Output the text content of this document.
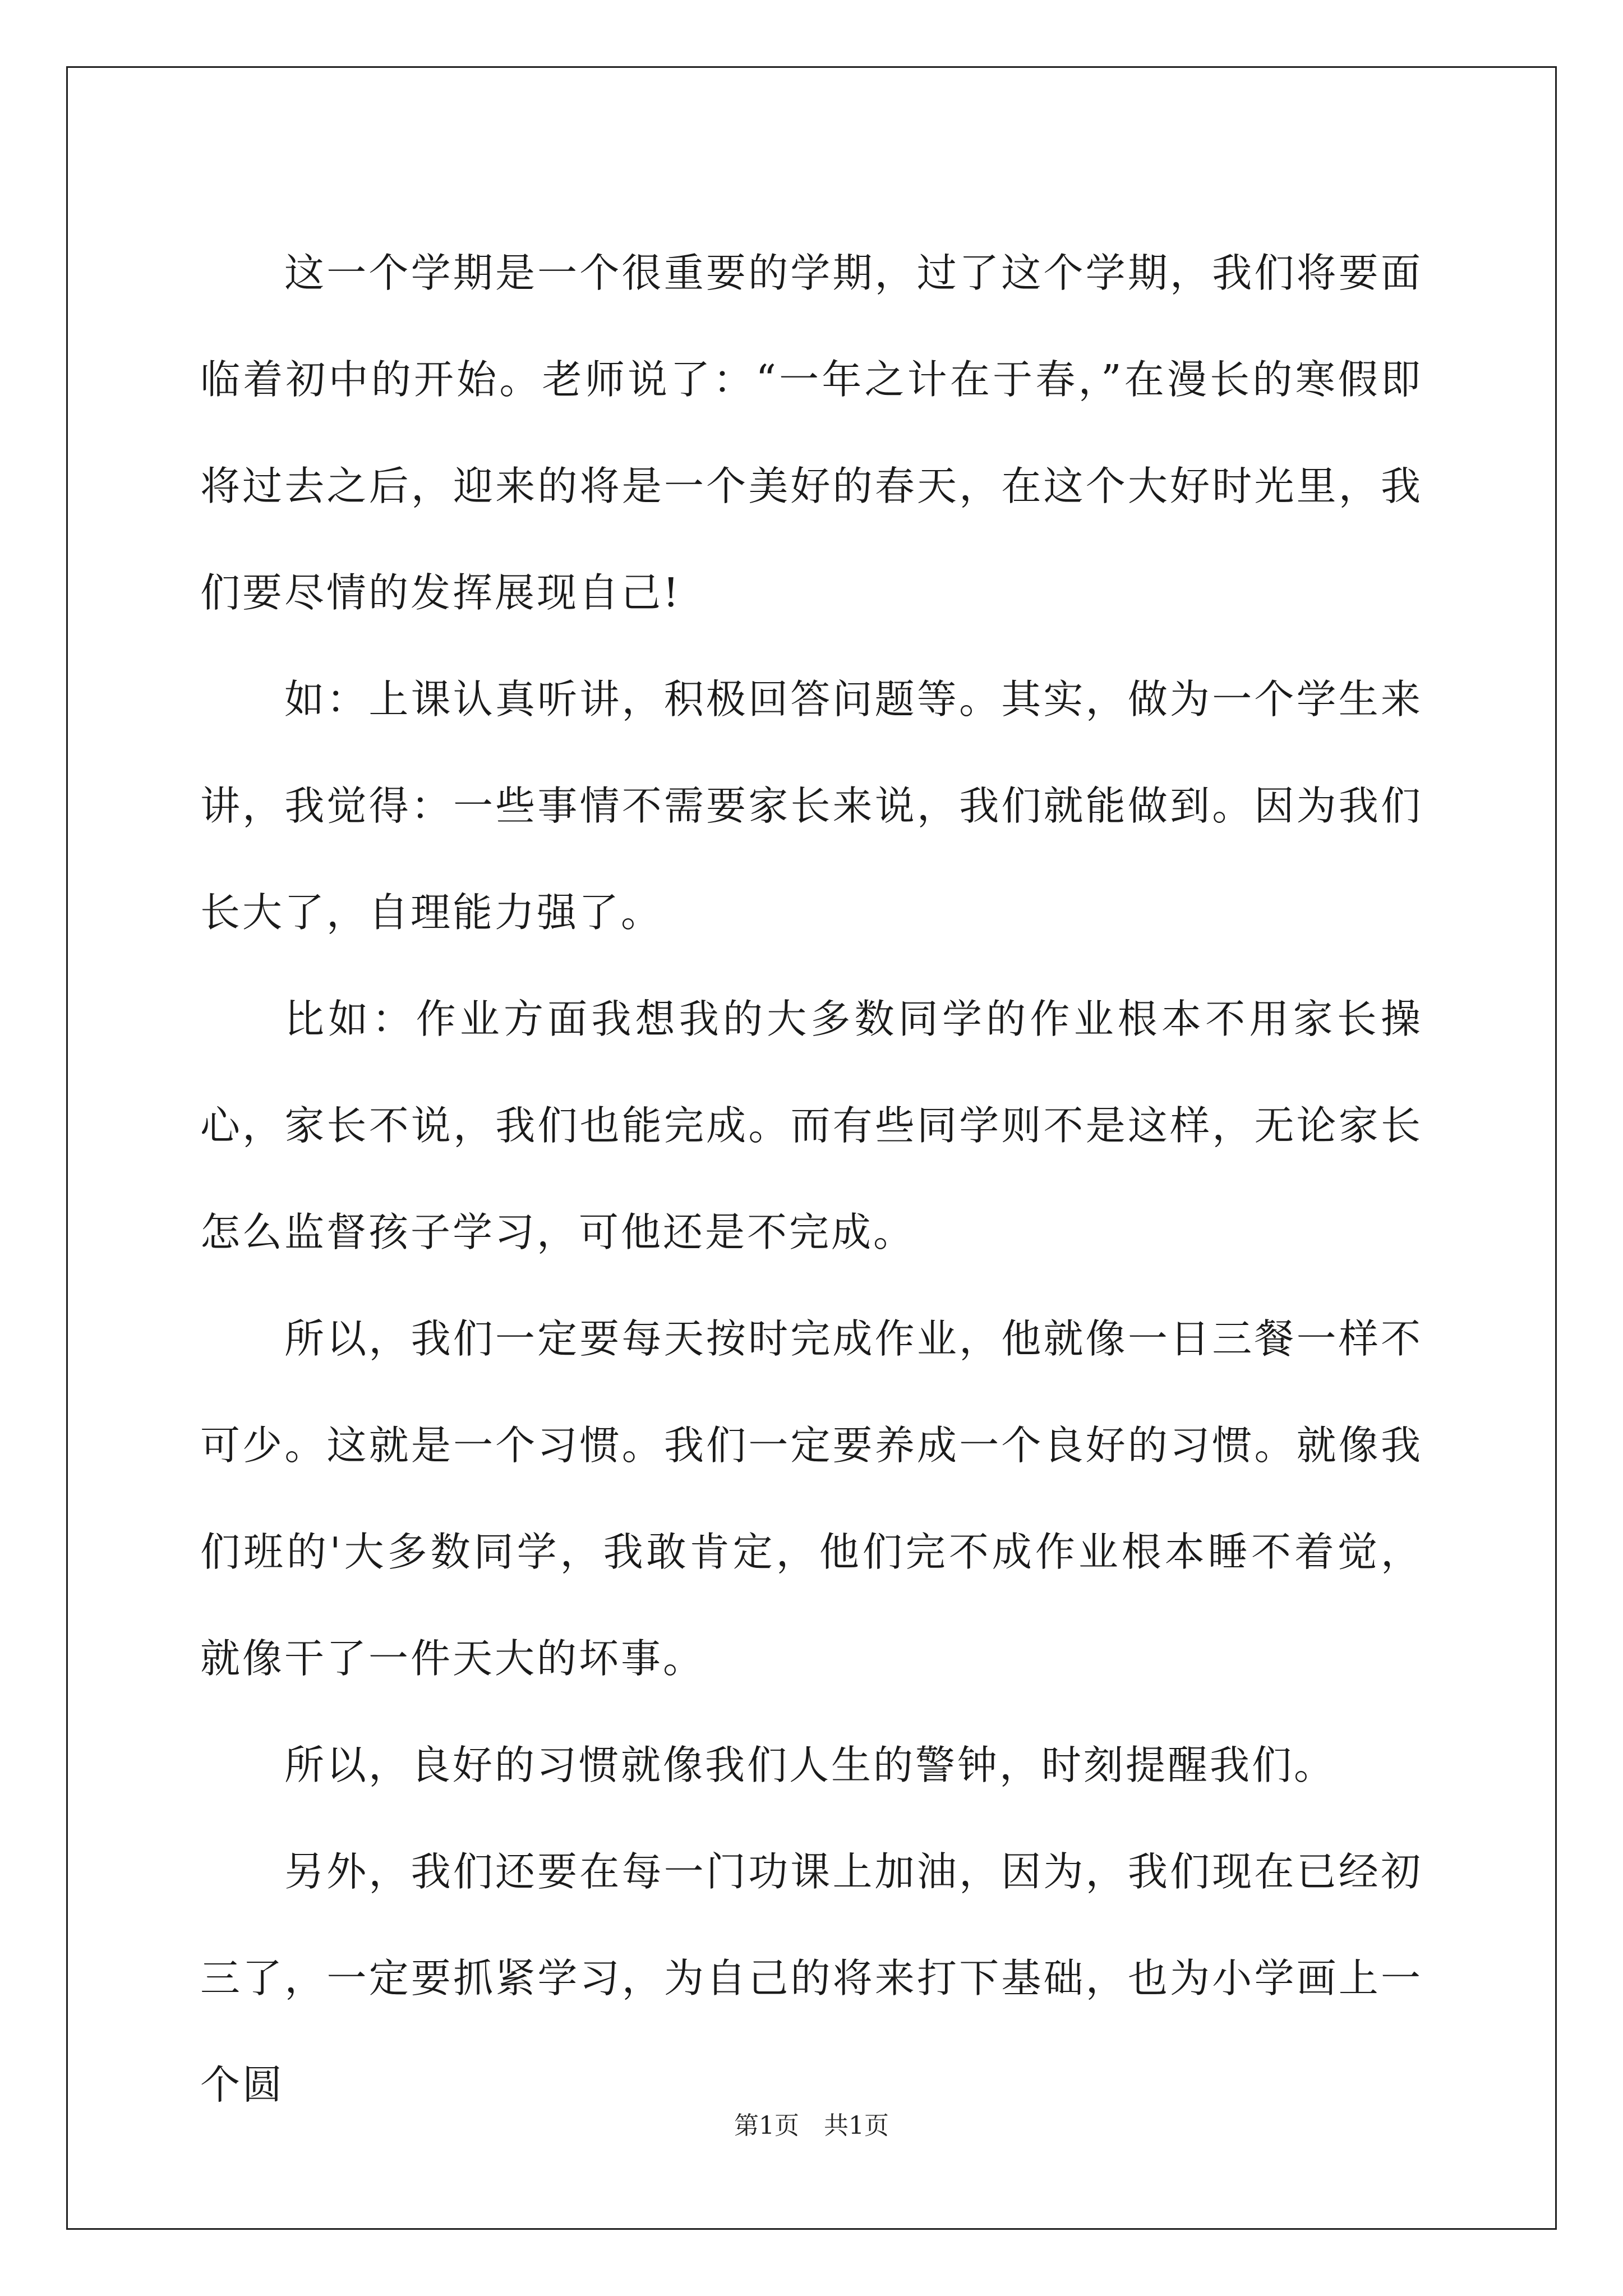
这一个学期是一个很重要的学期，过了这个学期，我们将要面临着初中的开始。老师说了：“一年之计在于春，”在漫长的寒假即将过去之后，迎来的将是一个美好的春天，在这个大好时光里，我们要尽情的发挥展现自己!

如：上课认真听讲，积极回答问题等。其实，做为一个学生来讲，我觉得：一些事情不需要家长来说，我们就能做到。因为我们长大了，自理能力强了。

比如：作业方面我想我的大多数同学的作业根本不用家长操心，家长不说，我们也能完成。而有些同学则不是这样，无论家长怎么监督孩子学习，可他还是不完成。

所以，我们一定要每天按时完成作业，他就像一日三餐一样不可少。这就是一个习惯。我们一定要养成一个良好的习惯。就像我们班的'大多数同学，我敢肯定，他们完不成作业根本睡不着觉，就像干了一件天大的坏事。

所以，良好的习惯就像我们人生的警钟，时刻提醒我们。

另外，我们还要在每一门功课上加油，因为，我们现在已经初三了，一定要抓紧学习，为自己的将来打下基础，也为小学画上一个圆

第1页　共1页
